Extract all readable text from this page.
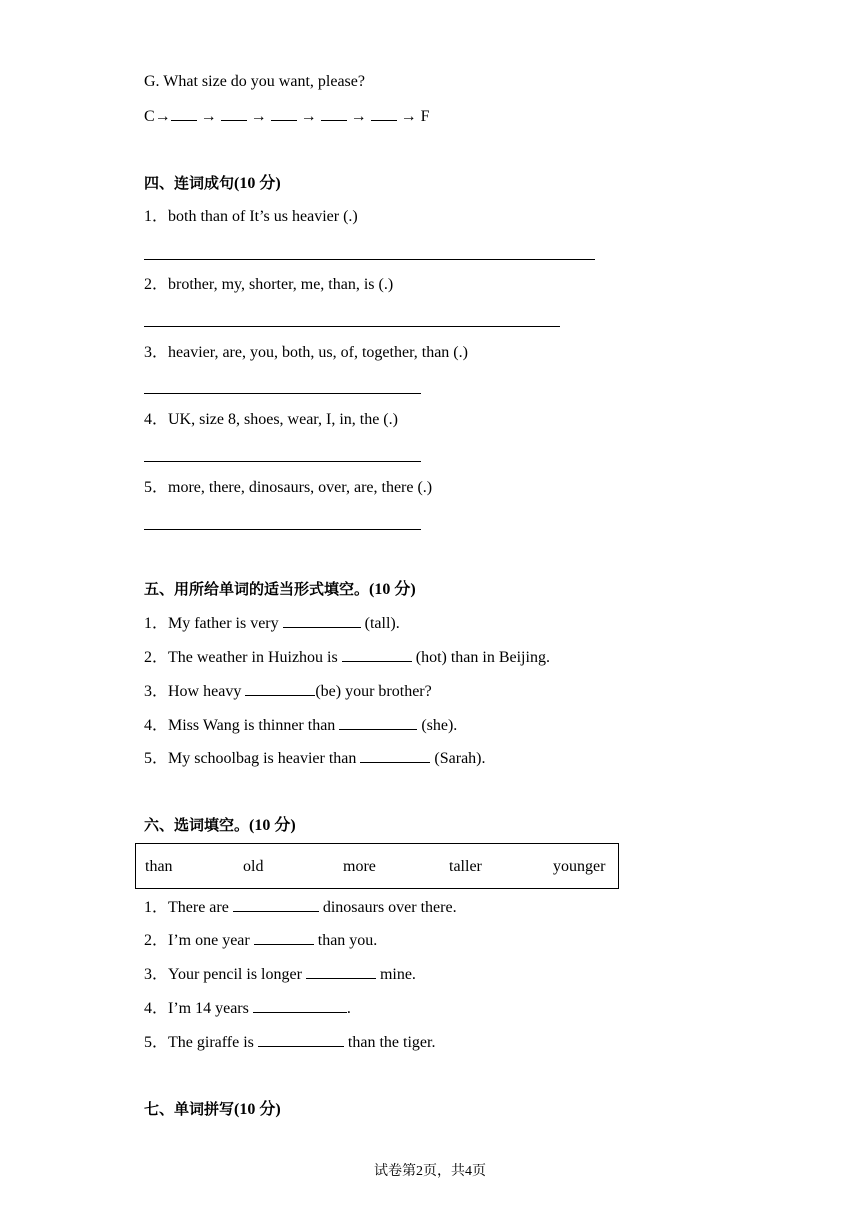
G. What size do you want, please?
C→ →  →  →  →  → F
四、连词成句(10 分)
1．both than of It’s us heavier (.)
2．brother, my, shorter, me, than, is (.)
3．heavier, are, you, both, us, of, together, than (.)
4．UK, size 8, shoes, wear, I, in, the (.)
5．more, there, dinosaurs, over, are, there (.)
五、用所给单词的适当形式填空。(10 分)
1．My father is very	(tall).
2．The weather in Huizhou is	(hot) than in Beijing.
3．How heavy	(be) your brother?
4．Miss Wang is thinner than	(she).
5．My schoolbag is heavier than	(Sarah).
六、选词填空。(10 分)
than	old	more	taller	younger
1．There are	dinosaurs over there.
2．I’m one year	than you.
3．Your pencil is longer	mine.
4．I’m 14 years	.
5．The giraffe is	than the tiger.
七、单词拼写(10 分)
试卷第2页，共4页
